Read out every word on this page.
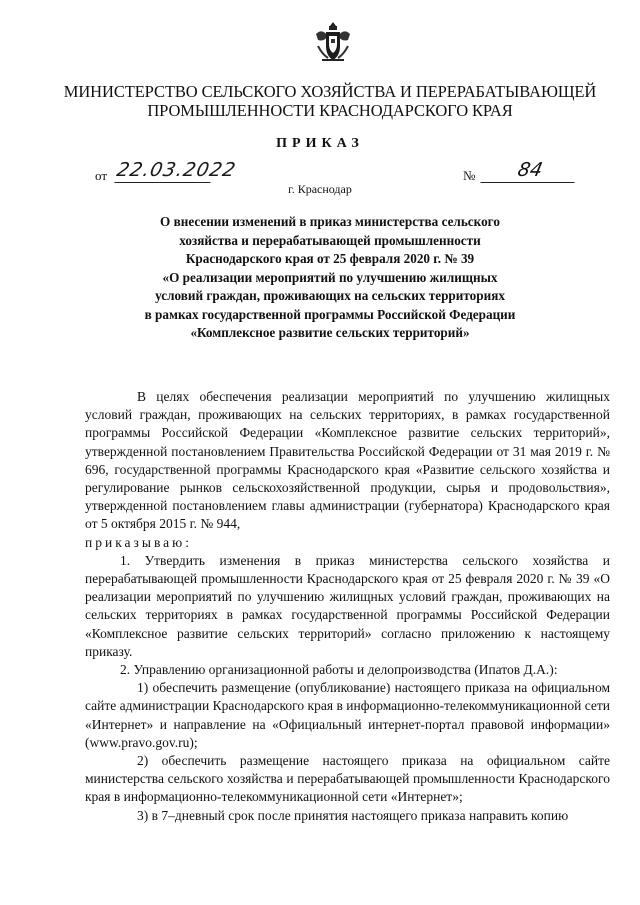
МИНИСТЕРСТВО СЕЛЬСКОГО ХОЗЯЙСТВА И ПЕРЕРАБАТЫВАЮЩЕЙ
ПРОМЫШЛЕННОСТИ КРАСНОДАРСКОГО КРАЯ
ПРИКАЗ
от 22.03.2022	№	84
г. Краснодар
О внесении изменений в приказ министерства сельского
хозяйства и перерабатывающей промышленности
Краснодарского края от 25 февраля 2020 г. № 39
«О реализации мероприятий по улучшению жилищных
условий граждан, проживающих на сельских территориях
в рамках государственной программы Российской Федерации
«Комплексное развитие сельских территорий»

В целях обеспечения реализации мероприятий по улучшению жилищных условий граждан, проживающих на сельских территориях, в рамках государственной программы Российской Федерации «Комплексное развитие сельских территорий», утвержденной постановлением Правительства Российской Федерации от 31 мая 2019 г. № 696, государственной программы Краснодарского края «Развитие сельского хозяйства и регулирование рынков сельскохозяйственной продукции, сырья и продовольствия», утвержденной постановлением главы администрации (губернатора) Краснодарского края от 5 октября 2015 г. № 944,

приказываю:

1. Утвердить изменения в приказ министерства сельского хозяйства и перерабатывающей промышленности Краснодарского края от 25 февраля 2020 г. № 39 «О реализации мероприятий по улучшению жилищных условий граждан, проживающих на сельских территориях в рамках государственной программы Российской Федерации «Комплексное развитие сельских территорий» согласно приложению к настоящему приказу.

2. Управлению организационной работы и делопроизводства (Ипатов Д.А.):

1) обеспечить размещение (опубликование) настоящего приказа на официальном сайте администрации Краснодарского края в информационно-телекоммуникационной сети «Интернет» и направление на «Официальный интернет-портал правовой информации» (www.pravo.gov.ru);

2) обеспечить размещение настоящего приказа на официальном сайте министерства сельского хозяйства и перерабатывающей промышленности Краснодарского края в информационно-телекоммуникационной сети «Интернет»;

3) в 7–дневный срок после принятия настоящего приказа направить копию
